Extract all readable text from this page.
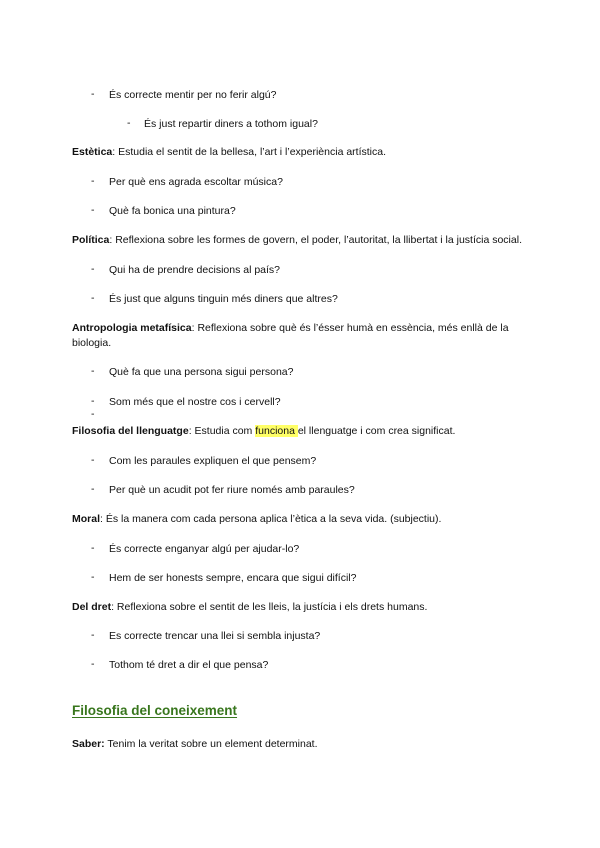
-	És correcte mentir per no ferir algú?
-	És just repartir diners a tothom igual?
Estètica: Estudia el sentit de la bellesa, l’art i l’experiència artística.
-	Per què ens agrada escoltar música?
-	Què fa bonica una pintura?
Política: Reflexiona sobre les formes de govern, el poder, l’autoritat, la llibertat i la justícia social.
-	Qui ha de prendre decisions al país?
-	És just que alguns tinguin més diners que altres?
Antropologia metafísica: Reflexiona sobre què és l’ésser humà en essència, més enllà de la biologia.
-	Què fa que una persona sigui persona?
-	Som més que el nostre cos i cervell?
-
Filosofia del llenguatge: Estudia com funciona el llenguatge i com crea significat.
-	Com les paraules expliquen el que pensem?
-	Per què un acudit pot fer riure només amb paraules?
Moral: És la manera com cada persona aplica l’ètica a la seva vida. (subjectiu).
-	És correcte enganyar algú per ajudar-lo?
-	Hem de ser honests sempre, encara que sigui difícil?
Del dret: Reflexiona sobre el sentit de les lleis, la justícia i els drets humans.
-	Es correcte trencar una llei si sembla injusta?
-	Tothom té dret a dir el que pensa?
Filosofia del coneixement
Saber: Tenim la veritat sobre un element determinat.
